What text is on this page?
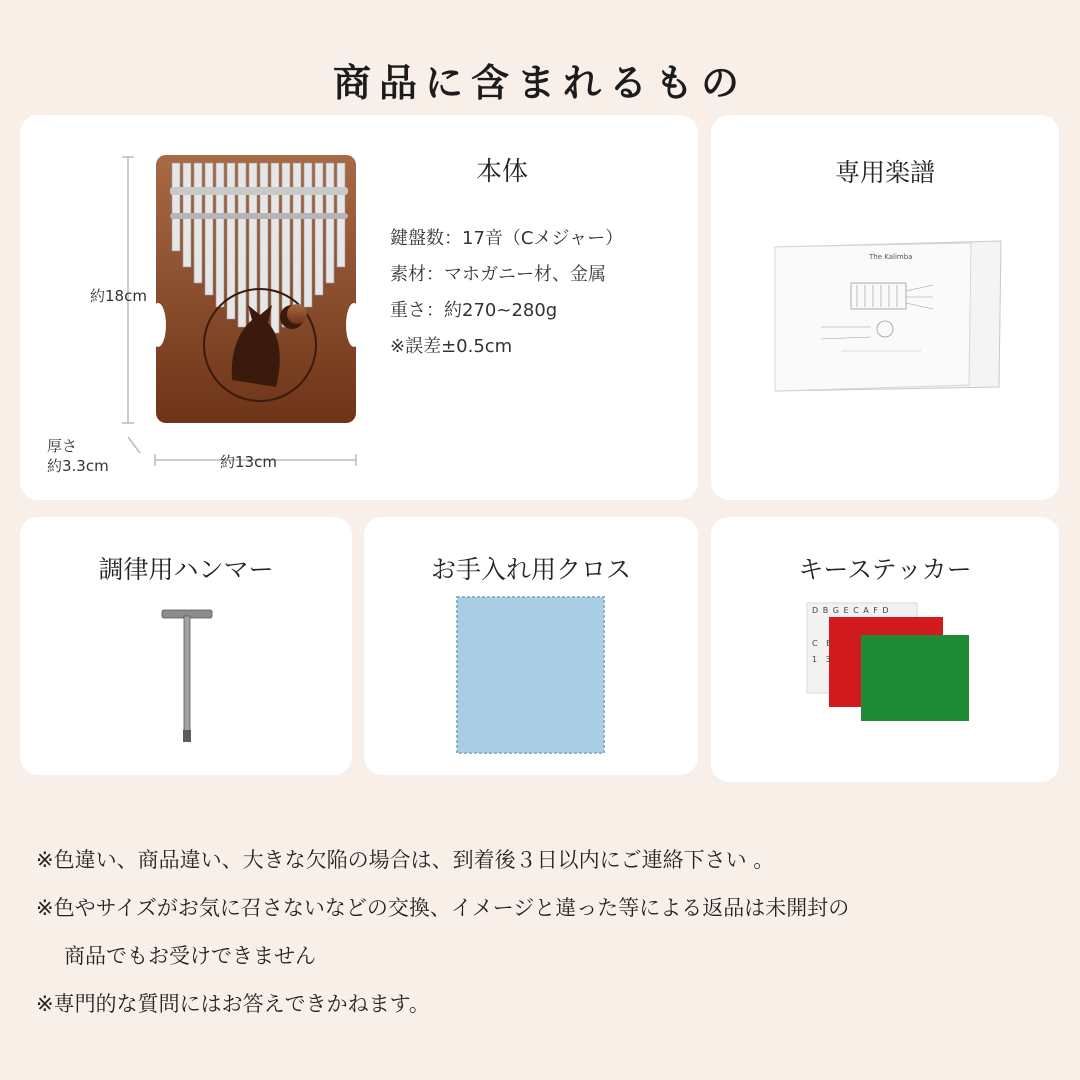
商品に含まれるもの
約18cm
約13cm
厚さ
約3.3cm
本体
鍵盤数：17音（Cメジャー）
素材：マホガニー材、金属
重さ：約270~280g
※誤差±0.5cm
専用楽譜
The Kalimba
調律用ハンマー	お手入れ用クロス	キーステッカー
D B G E C A F D
C E
1 3
※色違い、商品違い、大きな欠陥の場合は、到着後３日以内にご連絡下さい 。
※色やサイズがお気に召さないなどの交換、イメージと違った等による返品は未開封の
商品でもお受けできません
※専門的な質問にはお答えできかねます。
